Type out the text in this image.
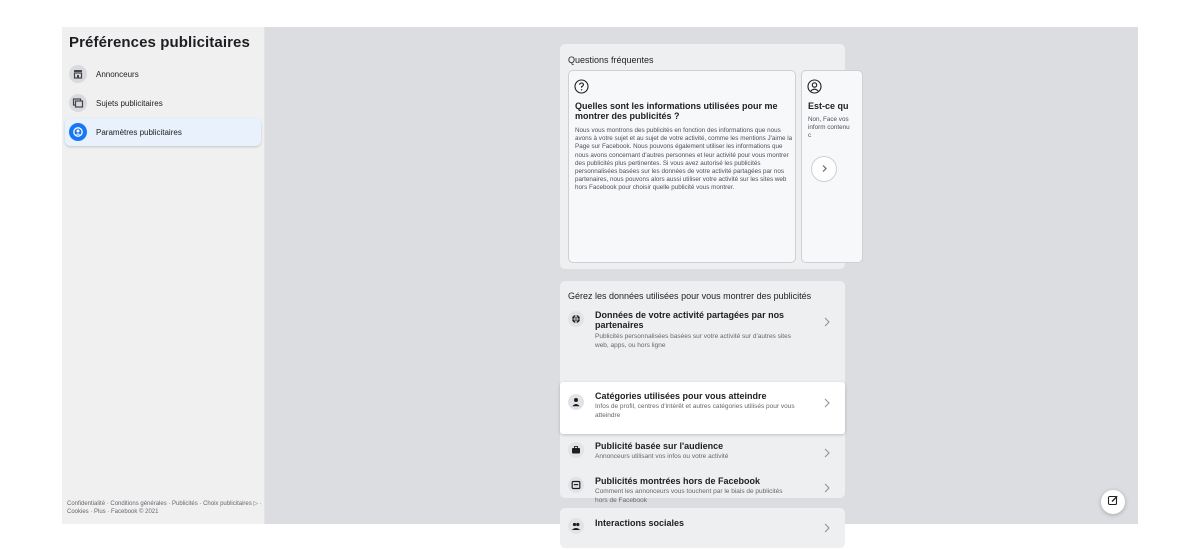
Préférences publicitaires
Annonceurs
Sujets publicitaires
Paramètres publicitaires
Confidentialité · Conditions générales · Publicités · Choix publicitaires ▷ · Cookies · Plus · Facebook © 2021
Questions fréquentes
Quelles sont les informations utilisées pour me montrer des publicités ?
Nous vous montrons des publicités en fonction des informations que nous avons à votre sujet et au sujet de votre activité, comme les mentions J'aime la Page sur Facebook. Nous pouvons également utiliser les informations que nous avons concernant d'autres personnes et leur activité pour vous montrer des publicités plus pertinentes. Si vous avez autorisé les publicités personnalisées basées sur les données de votre activité partagées par nos partenaires, nous pouvons alors aussi utiliser votre activité sur les sites web hors Facebook pour choisir quelle publicité vous montrer.
Est-ce qu
Non, Face vos inform contenu c
Gérez les données utilisées pour vous montrer des publicités
Données de votre activité partagées par nos partenaires
Publicités personnalisées basées sur votre activité sur d'autres sites web, apps, ou hors ligne
Catégories utilisées pour vous atteindre
Infos de profil, centres d'intérêt et autres catégories utilisés pour vous atteindre
Publicité basée sur l'audience
Annonceurs utilisant vos infos ou votre activité
Publicités montrées hors de Facebook
Comment les annonceurs vous touchent par le biais de publicités hors de Facebook
Interactions sociales
